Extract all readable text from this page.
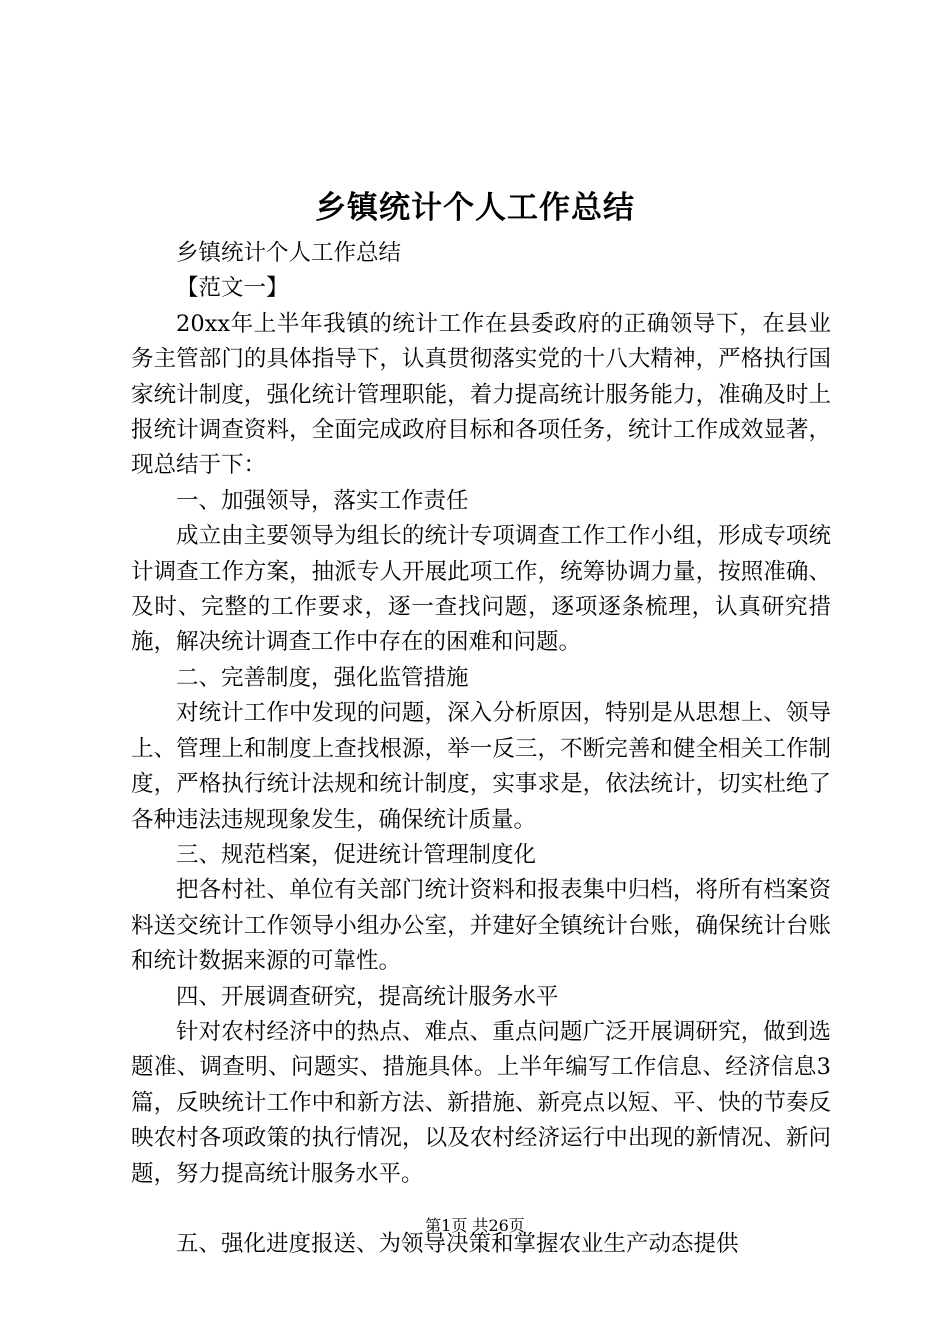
乡镇统计个人工作总结

乡镇统计个人工作总结

【范文一】

20xx年上半年我镇的统计工作在县委政府的正确领导下，在县业务主管部门的具体指导下，认真贯彻落实党的十八大精神，严格执行国家统计制度，强化统计管理职能，着力提高统计服务能力，准确及时上报统计调查资料，全面完成政府目标和各项任务，统计工作成效显著，现总结于下：

一、加强领导，落实工作责任

成立由主要领导为组长的统计专项调查工作工作小组，形成专项统计调查工作方案，抽派专人开展此项工作，统筹协调力量，按照准确、及时、完整的工作要求，逐一查找问题，逐项逐条梳理，认真研究措施，解决统计调查工作中存在的困难和问题。

二、完善制度，强化监管措施

对统计工作中发现的问题，深入分析原因，特别是从思想上、领导上、管理上和制度上查找根源，举一反三，不断完善和健全相关工作制度，严格执行统计法规和统计制度，实事求是，依法统计，切实杜绝了各种违法违规现象发生，确保统计质量。

三、规范档案，促进统计管理制度化

把各村社、单位有关部门统计资料和报表集中归档，将所有档案资料送交统计工作领导小组办公室，并建好全镇统计台账，确保统计台账和统计数据来源的可靠性。

四、开展调查研究，提高统计服务水平

针对农村经济中的热点、难点、重点问题广泛开展调研究，做到选题准、调查明、问题实、措施具体。上半年编写工作信息、经济信息3篇，反映统计工作中和新方法、新措施、新亮点以短、平、快的节奏反映农村各项政策的执行情况，以及农村经济运行中出现的新情况、新问题，努力提高统计服务水平。

五、强化进度报送、为领导决策和掌握农业生产动态提供

第1页 共26页
